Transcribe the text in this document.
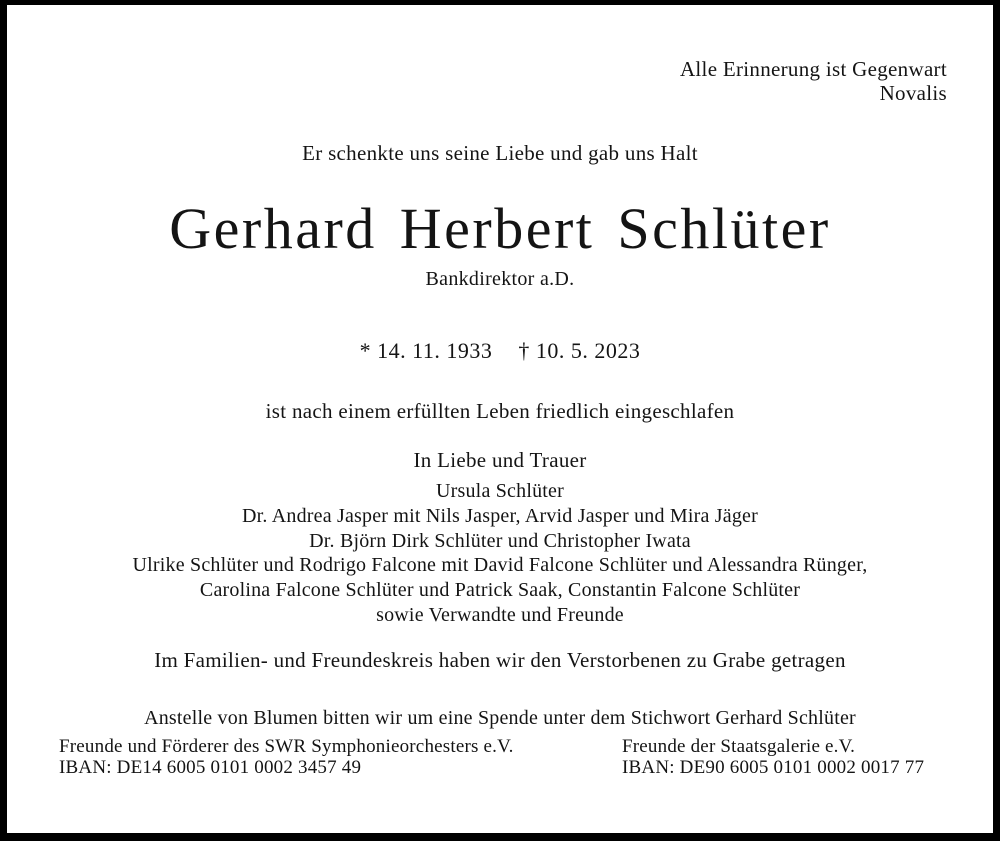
Alle Erinnerung ist Gegenwart
Novalis
Er schenkte uns seine Liebe und gab uns Halt
Gerhard Herbert Schlüter
Bankdirektor a.D.
* 14. 11. 1933 † 10. 5. 2023
ist nach einem erfüllten Leben friedlich eingeschlafen
In Liebe und Trauer
Ursula Schlüter
Dr. Andrea Jasper mit Nils Jasper, Arvid Jasper und Mira Jäger
Dr. Björn Dirk Schlüter und Christopher Iwata
Ulrike Schlüter und Rodrigo Falcone mit David Falcone Schlüter und Alessandra Rünger,
Carolina Falcone Schlüter und Patrick Saak, Constantin Falcone Schlüter
sowie Verwandte und Freunde
Im Familien- und Freundeskreis haben wir den Verstorbenen zu Grabe getragen
Anstelle von Blumen bitten wir um eine Spende unter dem Stichwort Gerhard Schlüter
Freunde und Förderer des SWR Symphonieorchesters e.V.
IBAN: DE14 6005 0101 0002 3457 49
Freunde der Staatsgalerie e.V.
IBAN: DE90 6005 0101 0002 0017 77
